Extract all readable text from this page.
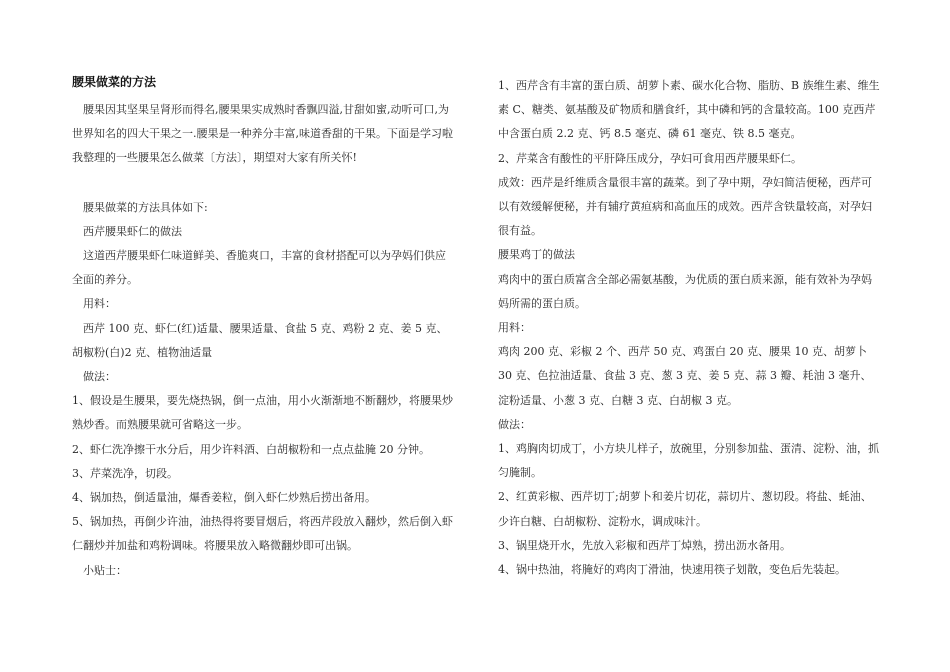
腰果做菜的方法

腰果因其坚果呈肾形而得名,腰果果实成熟时香飘四溢,甘甜如蜜,动听可口,为世界知名的四大干果之一.腰果是一种养分丰富,味道香甜的干果。下面是学习啦我整理的一些腰果怎么做菜〔方法〕，期望对大家有所关怀!

腰果做菜的方法具体如下:

西芹腰果虾仁的做法

这道西芹腰果虾仁味道鲜美、香脆爽口，丰富的食材搭配可以为孕妈们供应全面的养分。

用料：

西芹 100 克、虾仁(红)适量、腰果适量、食盐 5 克、鸡粉 2 克、姜 5 克、胡椒粉(白)2 克、植物油适量

做法：

1、假设是生腰果，要先烧热锅，倒一点油，用小火渐渐地不断翻炒，将腰果炒熟炒香。而熟腰果就可省略这一步。

2、虾仁洗净擦干水分后，用少许料酒、白胡椒粉和一点点盐腌 20 分钟。

3、芹菜洗净，切段。

4、锅加热，倒适量油，爆香姜粒，倒入虾仁炒熟后捞出备用。

5、锅加热，再倒少许油，油热得将要冒烟后，将西芹段放入翻炒，然后倒入虾仁翻炒并加盐和鸡粉调味。将腰果放入略微翻炒即可出锅。

小贴士：

1、西芹含有丰富的蛋白质、胡萝卜素、碳水化合物、脂肪、B 族维生素、维生素 C、糖类、氨基酸及矿物质和膳食纤，其中磷和钙的含量较高。100 克西芹中含蛋白质 2.2 克、钙 8.5 毫克、磷 61 毫克、铁 8.5 毫克。

2、芹菜含有酸性的平肝降压成分，孕妇可食用西芹腰果虾仁。

成效：西芹是纤维质含量很丰富的蔬菜。到了孕中期，孕妇简洁便秘，西芹可以有效缓解便秘，并有辅疗黄疸病和高血压的成效。西芹含铁量较高，对孕妇很有益。

腰果鸡丁的做法

鸡肉中的蛋白质富含全部必需氨基酸，为优质的蛋白质来源，能有效补为孕妈妈所需的蛋白质。

用料：

鸡肉 200 克、彩椒 2 个、西芹 50 克、鸡蛋白 20 克、腰果 10 克、胡萝卜 30 克、色拉油适量、食盐 3 克、葱 3 克、姜 5 克、蒜 3 瓣、耗油 3 毫升、淀粉适量、小葱 3 克、白糖 3 克、白胡椒 3 克。

做法：

1、鸡胸肉切成丁，小方块儿样子，放碗里，分别参加盐、蛋清、淀粉、油，抓匀腌制。

2、红黄彩椒、西芹切丁;胡萝卜和姜片切花，蒜切片、葱切段。将盐、蚝油、少许白糖、白胡椒粉、淀粉水，调成味汁。

3、锅里烧开水，先放入彩椒和西芹丁焯熟，捞出沥水备用。

4、锅中热油，将腌好的鸡肉丁滑油，快速用筷子划散，变色后先装起。
